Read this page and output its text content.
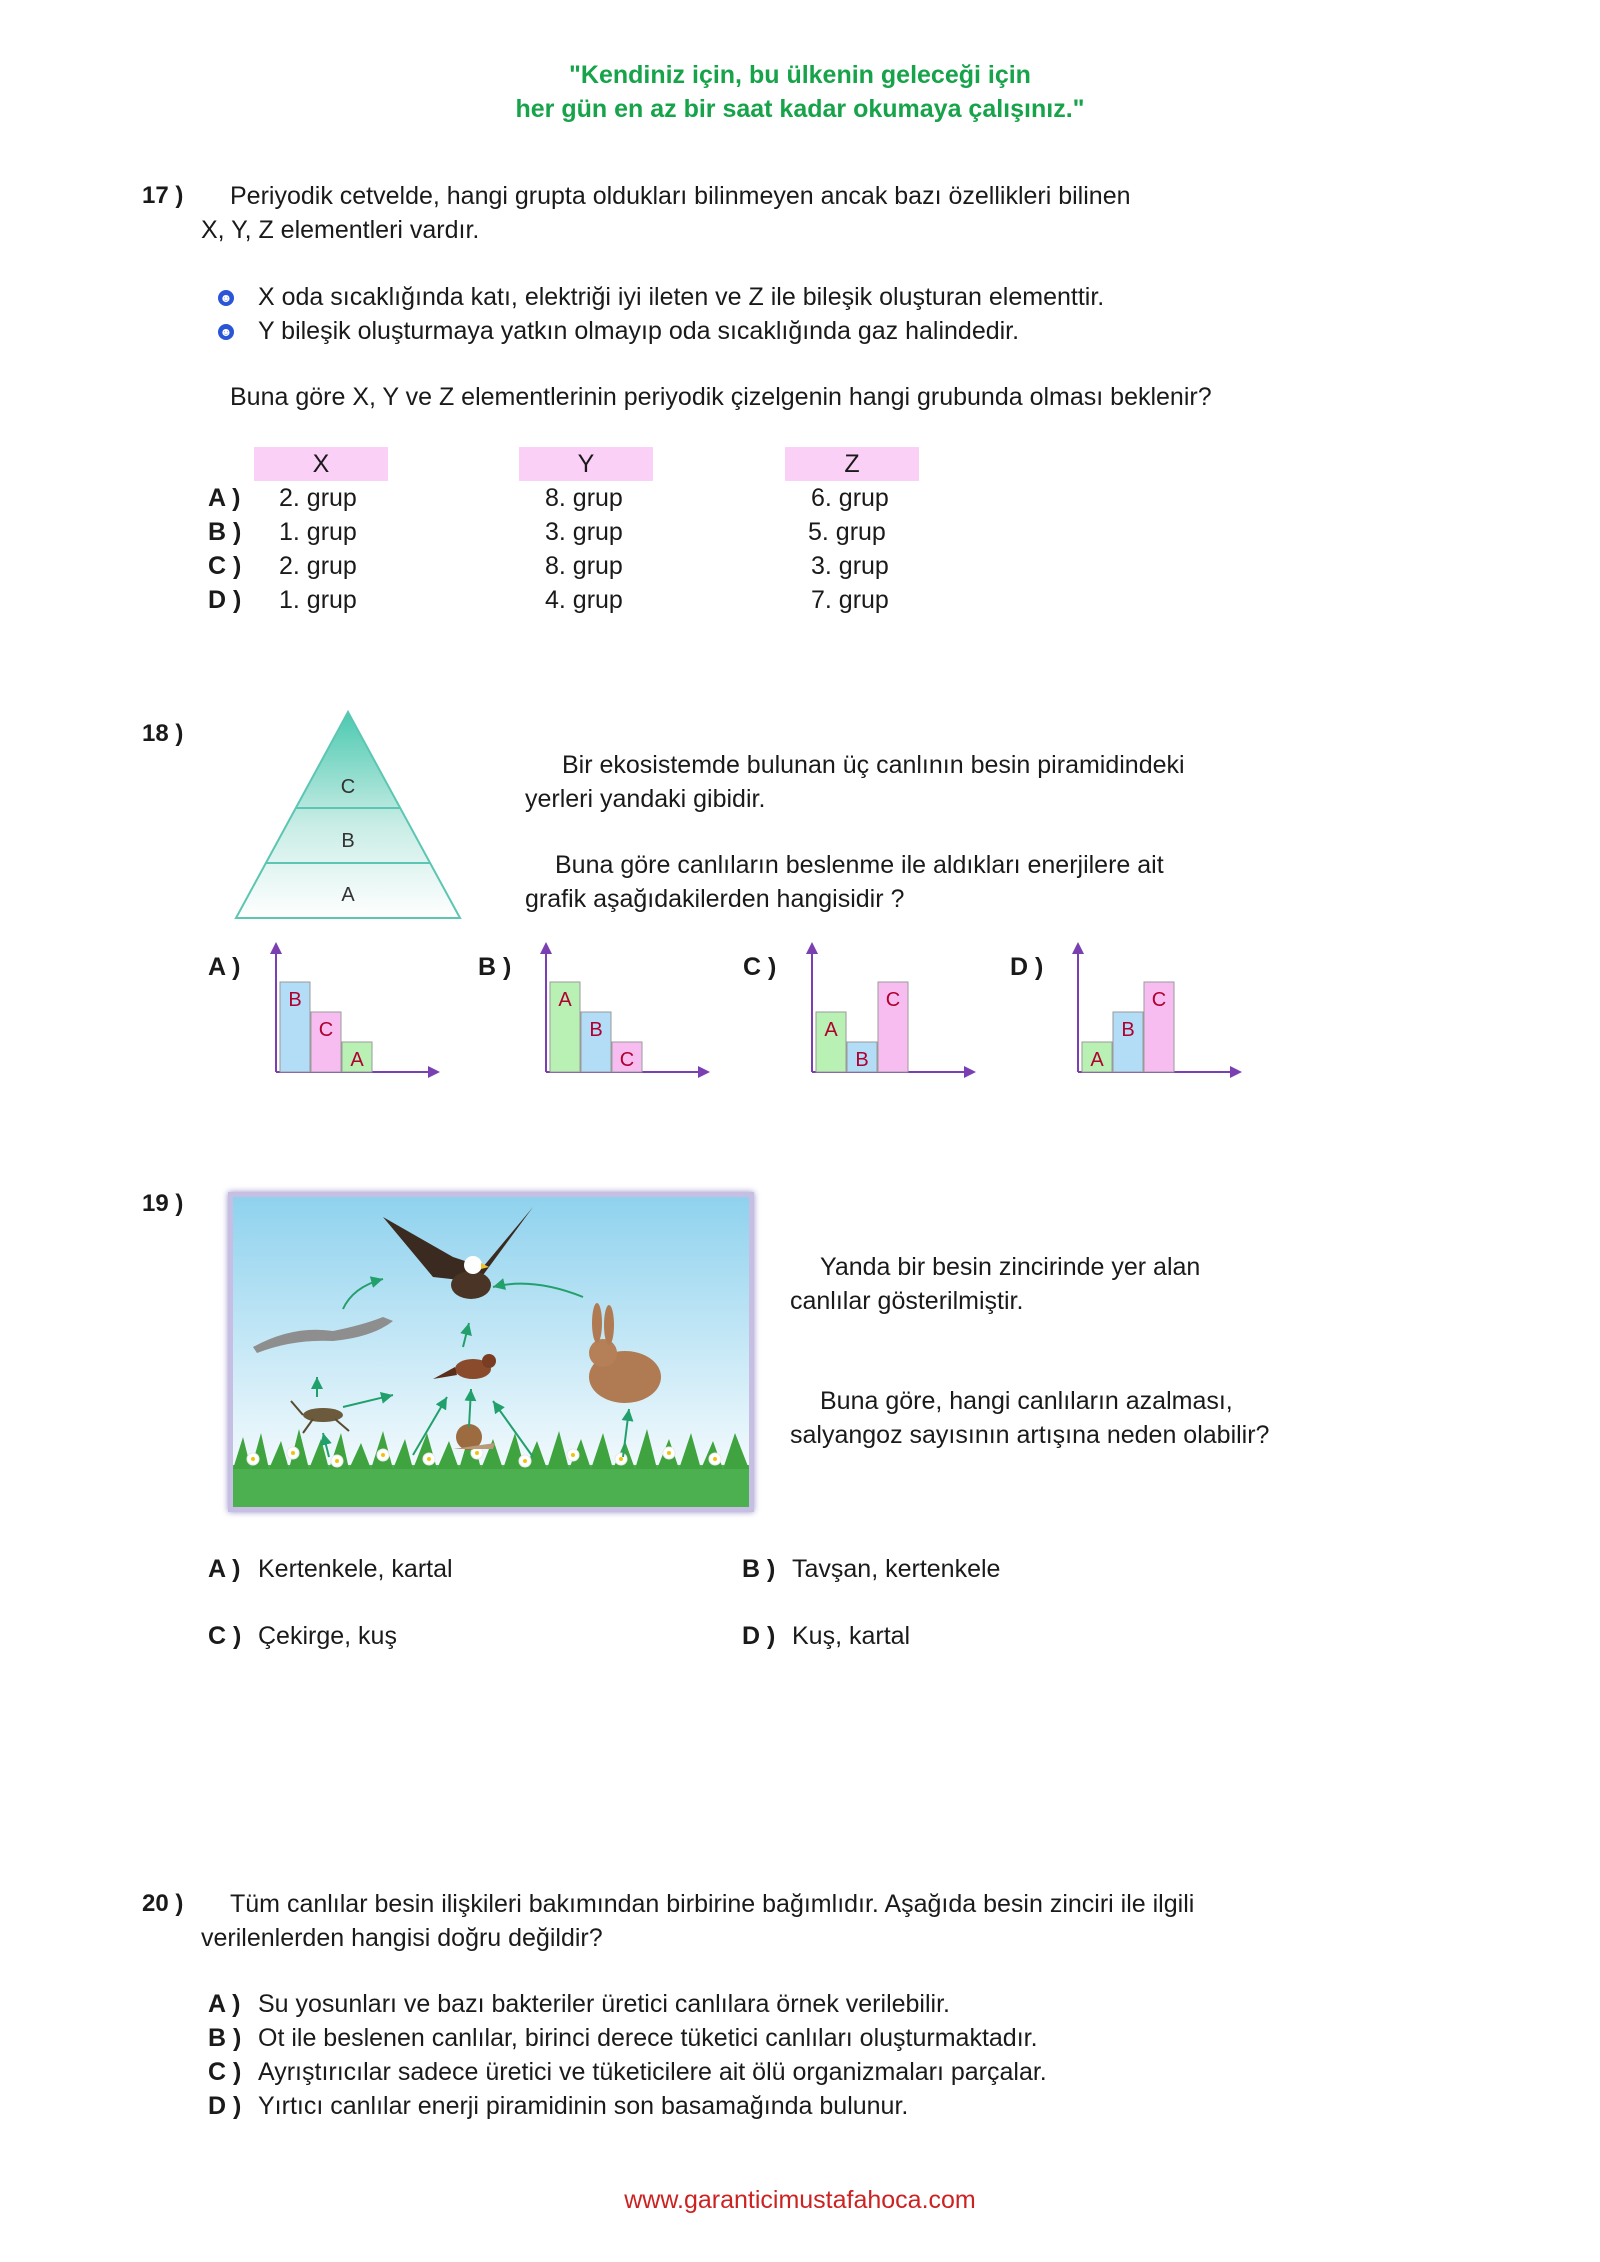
"Kendiniz için, bu ülkenin geleceği için
her gün en az bir saat kadar okumaya çalışınız."
17 ) Periyodik cetvelde, hangi grupta oldukları bilinmeyen ancak bazı özellikleri bilinen
X, Y, Z elementleri vardır.
☻ X oda sıcaklığında katı, elektriği iyi ileten ve Z ile bileşik oluşturan elementtir.
☻ Y bileşik oluşturmaya yatkın olmayıp oda sıcaklığında gaz halindedir.
Buna göre X, Y ve Z elementlerinin periyodik çizelgenin hangi grubunda olması beklenir?
X	Y	Z
A ) 2. grup	8. grup	6. grup
B ) 1. grup	3. grup	5. grup
C ) 2. grup	8. grup	3. grup
D ) 1. grup	4. grup	7. grup
18 )
C
B
A
Bir ekosistemde bulunan üç canlının besin piramidindeki
yerleri yandaki gibidir.
Buna göre canlıların beslenme ile aldıkları enerjilere ait
grafik aşağıdakilerden hangisidir ?
A )
B
C
A
B )
A
B
C
C )
A
B
C
D )
A
B
C
19 )
Yanda bir besin zincirinde yer alan
canlılar gösterilmiştir.
Buna göre, hangi canlıların azalması,
salyangoz sayısının artışına neden olabilir?
A ) Kertenkele, kartal	B ) Tavşan, kertenkele
C ) Çekirge, kuş	D ) Kuş, kartal
20 ) Tüm canlılar besin ilişkileri bakımından birbirine bağımlıdır. Aşağıda besin zinciri ile ilgili
verilenlerden hangisi doğru değildir?
A ) Su yosunları ve bazı bakteriler üretici canlılara örnek verilebilir.
B ) Ot ile beslenen canlılar, birinci derece tüketici canlıları oluşturmaktadır.
C ) Ayrıştırıcılar sadece üretici ve tüketicilere ait ölü organizmaları parçalar.
D ) Yırtıcı canlılar enerji piramidinin son basamağında bulunur.
www.garanticimustafahoca.com
